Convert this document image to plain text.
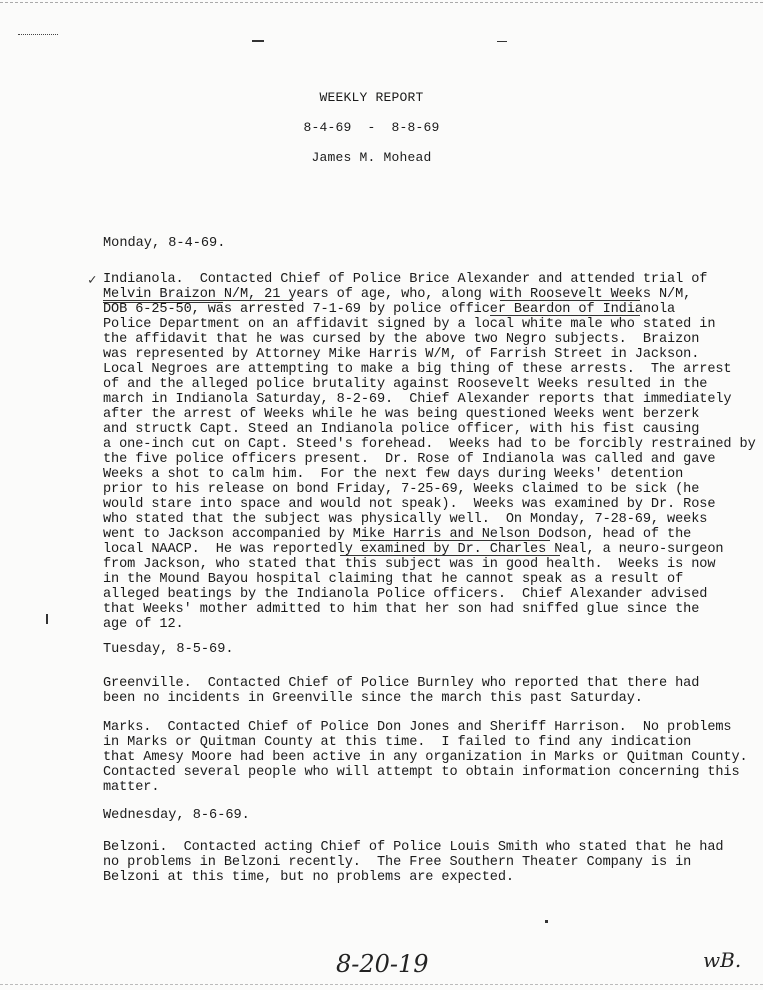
WEEKLY REPORT
8-4-69  -  8-8-69
James M. Mohead
Monday, 8-4-69.
✓ Indianola.  Contacted Chief of Police Brice Alexander and attended trial of
Melvin Braizon N/M, 21 years of age, who, along with Roosevelt Weeks N/M,
DOB 6-25-50, was arrested 7-1-69 by police officer Beardon of Indianola
Police Department on an affidavit signed by a local white male who stated in
the affidavit that he was cursed by the above two Negro subjects.  Braizon
was represented by Attorney Mike Harris W/M, of Farrish Street in Jackson.
Local Negroes are attempting to make a big thing of these arrests.  The arrest
of and the alleged police brutality against Roosevelt Weeks resulted in the
march in Indianola Saturday, 8-2-69.  Chief Alexander reports that immediately
after the arrest of Weeks while he was being questioned Weeks went berzerk
and structk Capt. Steed an Indianola police officer, with his fist causing
a one-inch cut on Capt. Steed's forehead.  Weeks had to be forcibly restrained by
the five police officers present.  Dr. Rose of Indianola was called and gave
Weeks a shot to calm him.  For the next few days during Weeks' detention
prior to his release on bond Friday, 7-25-69, Weeks claimed to be sick (he
would stare into space and would not speak).  Weeks was examined by Dr. Rose
who stated that the subject was physically well.  On Monday, 7-28-69, weeks
went to Jackson accompanied by Mike Harris and Nelson Dodson, head of the
local NAACP.  He was reportedly examined by Dr. Charles Neal, a neuro-surgeon
from Jackson, who stated that this subject was in good health.  Weeks is now
in the Mound Bayou hospital claiming that he cannot speak as a result of
alleged beatings by the Indianola Police officers.  Chief Alexander advised
that Weeks' mother admitted to him that her son had sniffed glue since the
age of 12.
Tuesday, 8-5-69.
Greenville.  Contacted Chief of Police Burnley who reported that there had
been no incidents in Greenville since the march this past Saturday.
Marks.  Contacted Chief of Police Don Jones and Sheriff Harrison.  No problems
in Marks or Quitman County at this time.  I failed to find any indication
that Amesy Moore had been active in any organization in Marks or Quitman County.
Contacted several people who will attempt to obtain information concerning this
matter.
Wednesday, 8-6-69.
Belzoni.  Contacted acting Chief of Police Louis Smith who stated that he had
no problems in Belzoni recently.  The Free Southern Theater Company is in
Belzoni at this time, but no problems are expected.
8-20-19	wB.
